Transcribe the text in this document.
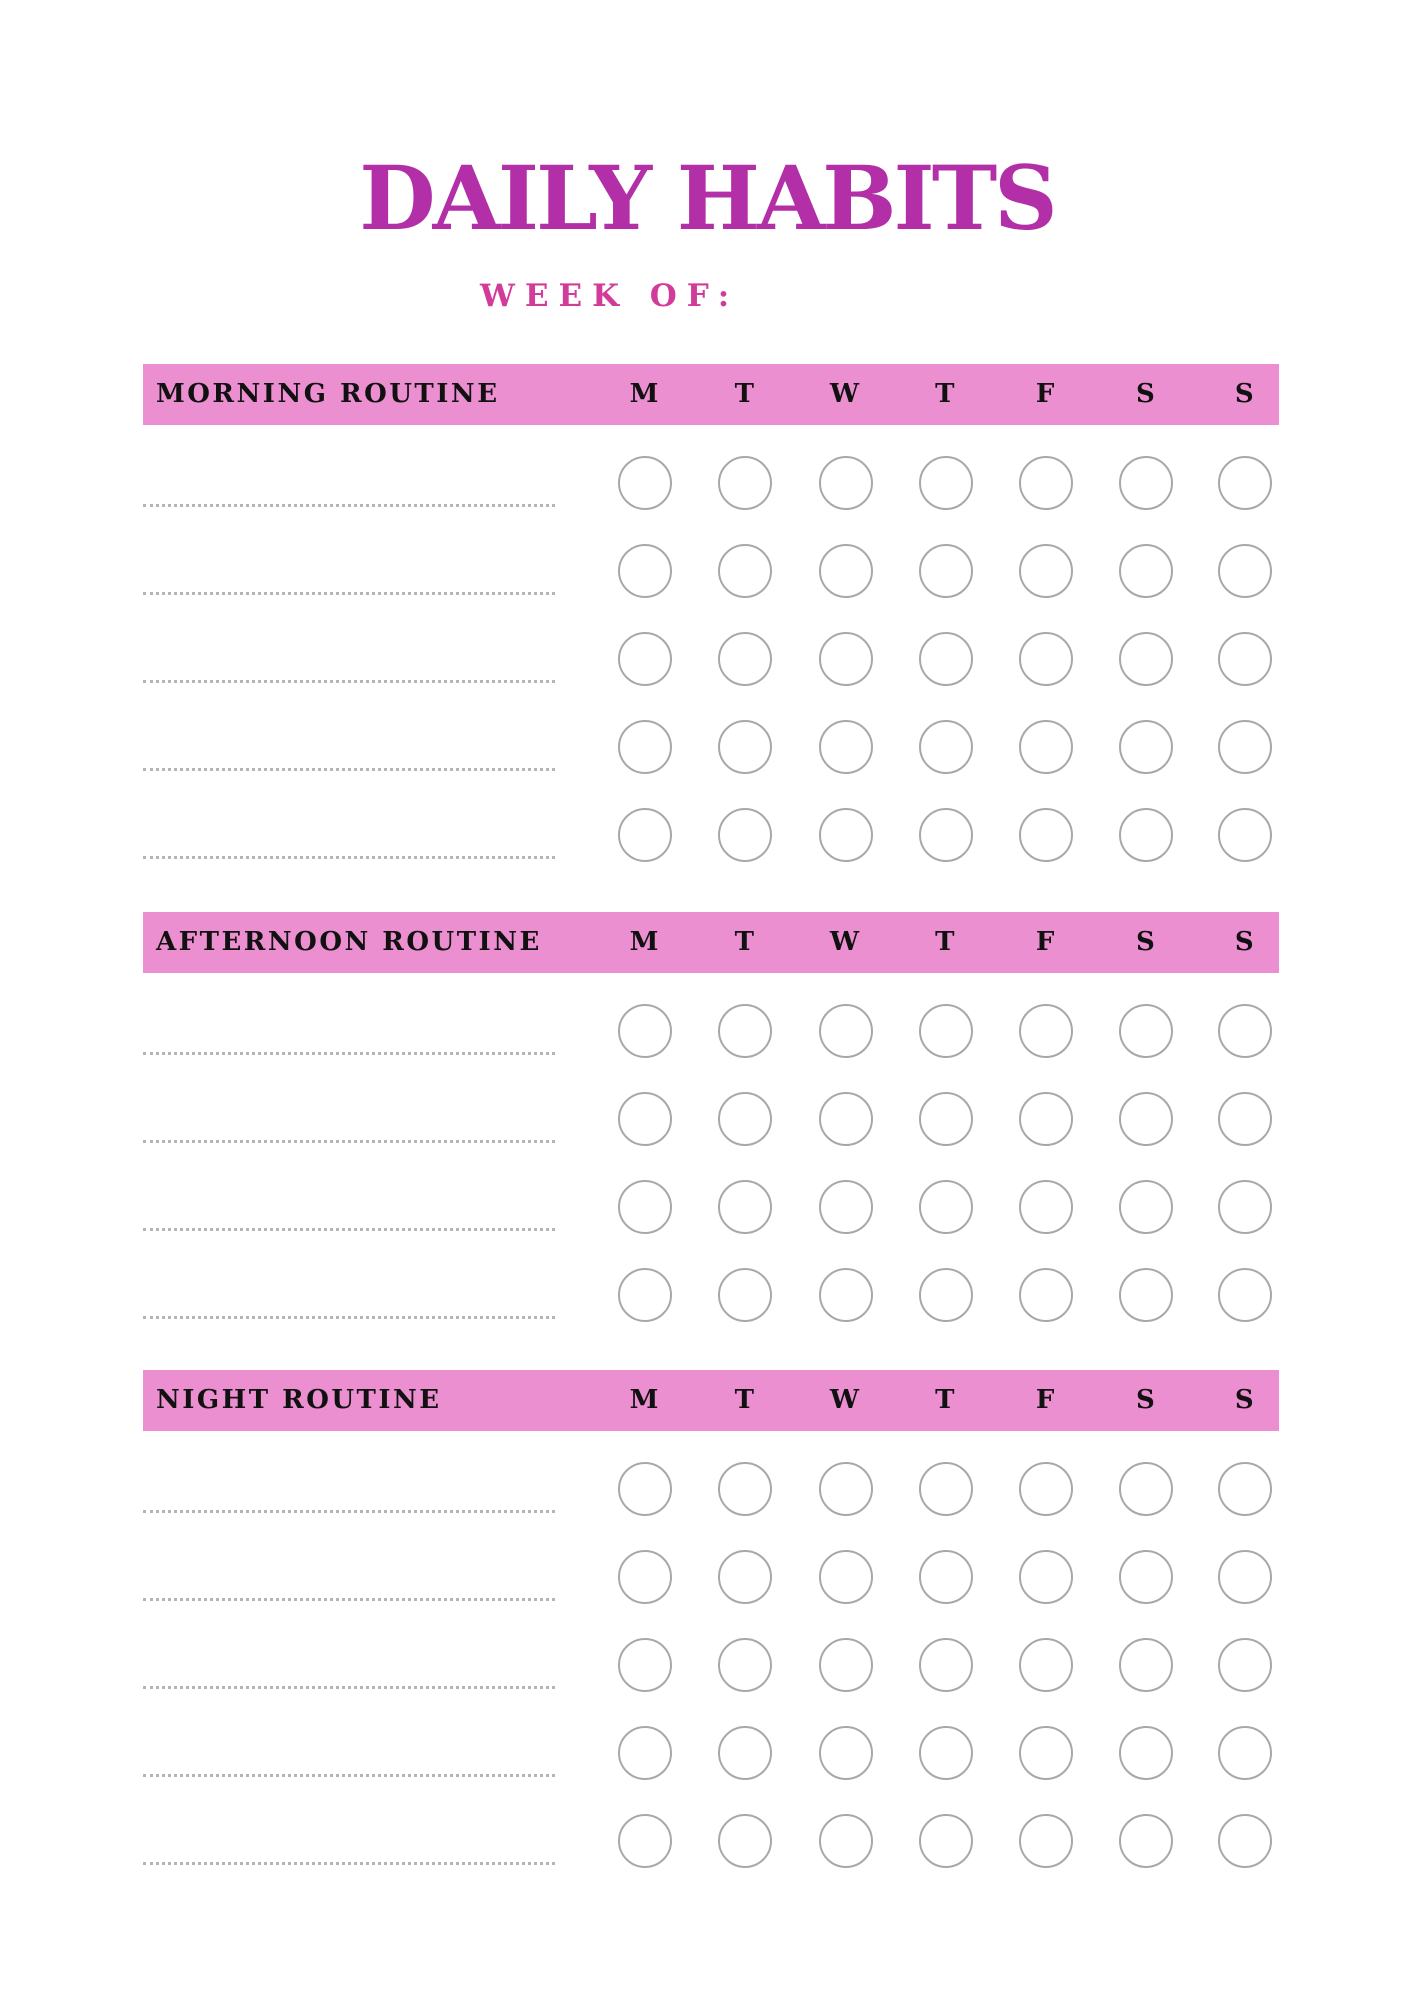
DAILY HABITS
WEEK OF:
MORNING ROUTINE	M	T	W	T	F	S	S
AFTERNOON ROUTINE	M	T	W	T	F	S	S
NIGHT ROUTINE	M	T	W	T	F	S	S
